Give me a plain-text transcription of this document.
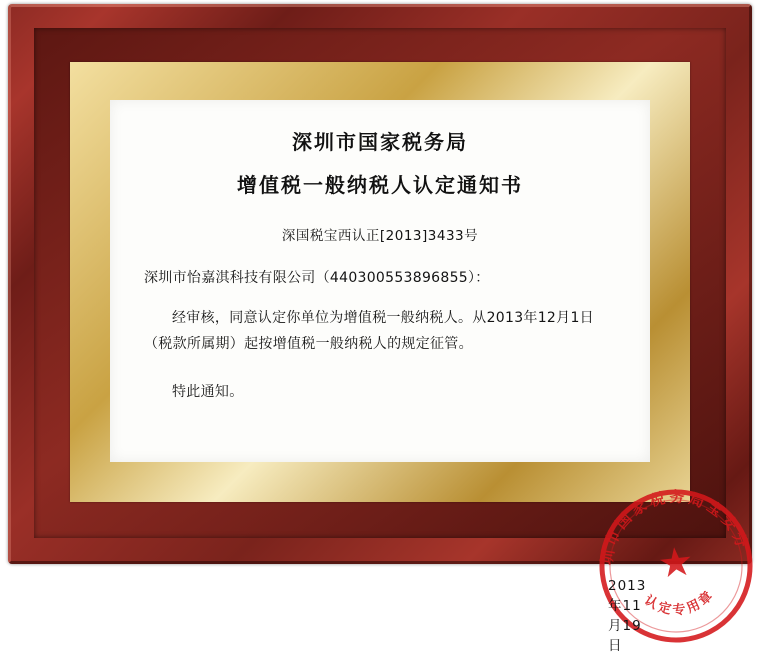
深圳市国家税务局
增值税一般纳税人认定通知书
深国税宝西认正[2013]3433号
深圳市怡嘉淇科技有限公司（440300553896855）：
经审核，同意认定你单位为增值税一般纳税人。从2013年12月1日（税款所属期）起按增值税一般纳税人的规定征管。
特此通知。
深圳市国家税务局宝安分局
认定专用章
★
2013年11月19日
